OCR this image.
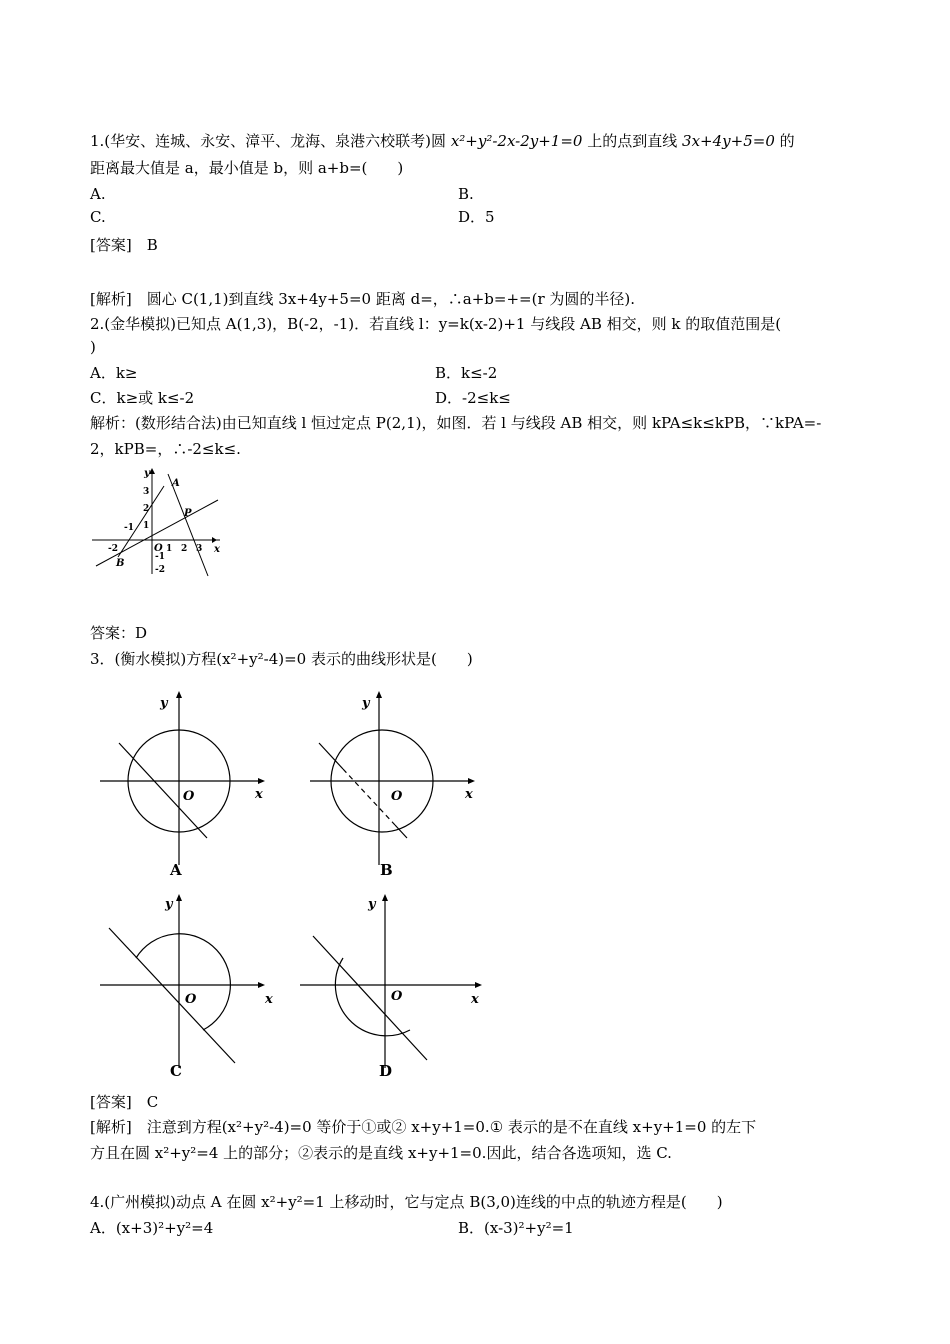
1.(华安、连城、永安、漳平、龙海、泉港六校联考)圆 x²+y²-2x-2y+1=0 上的点到直线 3x+4y+5=0 的
距离最大值是 a，最小值是 b，则 a+b=(　　)
A.	B.
C.	D．5
[答案]　B
[解析]　圆心 C(1,1)到直线 3x+4y+5=0 距离 d=，∴a+b=+=(r 为圆的半径).
2.(金华模拟)已知点 A(1,3)，B(-2，-1)．若直线 l：y=k(x-2)+1 与线段 AB 相交，则 k 的取值范围是(
)
A．k≥	B．k≤-2
C．k≥或 k≤-2	D．-2≤k≤
解析：(数形结合法)由已知直线 l 恒过定点 P(2,1)，如图．若 l 与线段 AB 相交，则 kPA≤k≤kPB，∵kPA=-
2，kPB=，∴-2≤k≤.
x
y
A
B
P
O
-2
-1
1 2 3
3
2
1
-1
-2
答案：D
3．(衡水模拟)方程(x²+y²-4)=0 表示的曲线形状是(　　)
x
y
O
A
x
y
O
B
x
y
O
C
x
y
O
D
[答案]　C
[解析]　注意到方程(x²+y²-4)=0 等价于①或② x+y+1=0.① 表示的是不在直线 x+y+1=0 的左下
方且在圆 x²+y²=4 上的部分；②表示的是直线 x+y+1=0.因此，结合各选项知，选 C.
4.(广州模拟)动点 A 在圆 x²+y²=1 上移动时，它与定点 B(3,0)连线的中点的轨迹方程是(　　)
A．(x+3)²+y²=4	B．(x-3)²+y²=1
